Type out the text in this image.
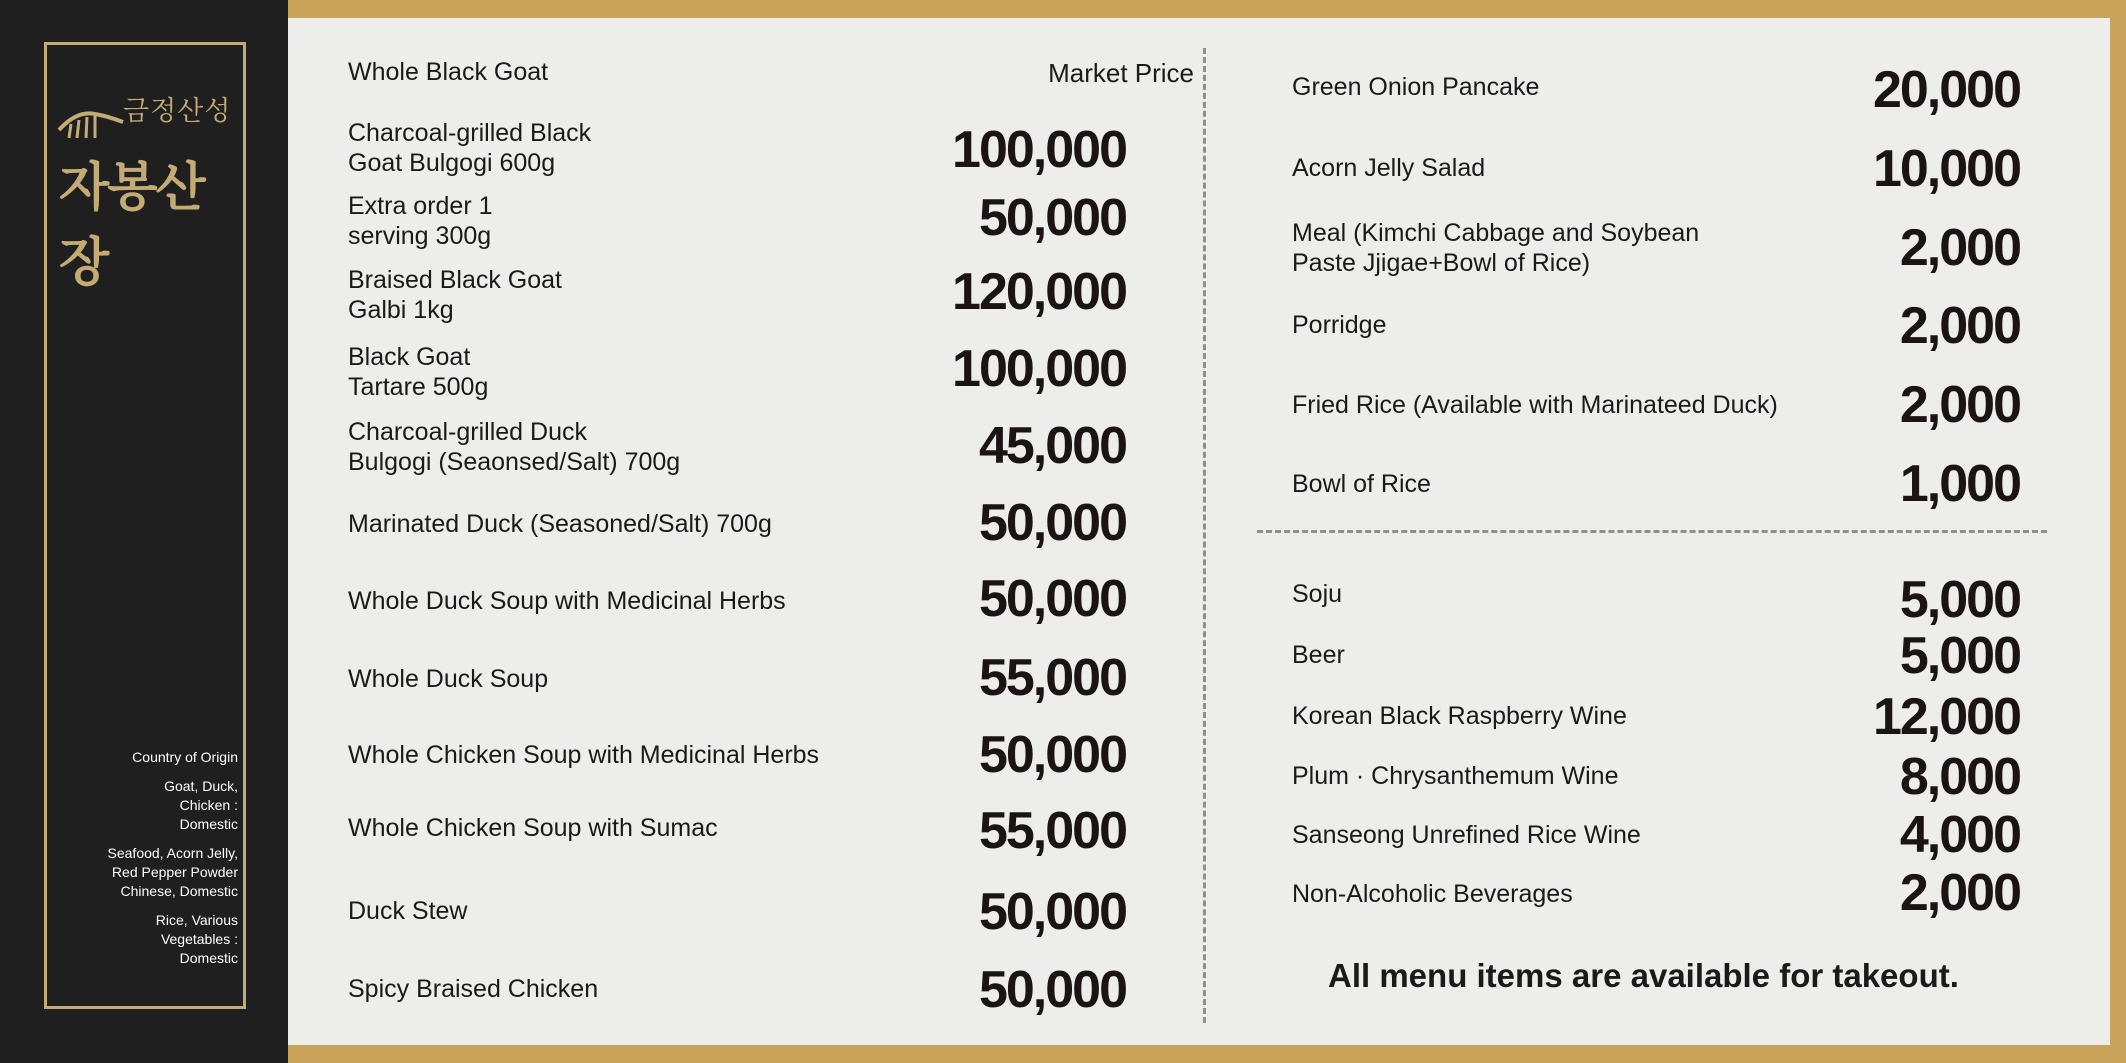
금정산성
자봉산장
Country of Origin
Goat, Duck,
Chicken :
Domestic
Seafood, Acorn Jelly,
Red Pepper Powder
Chinese, Domestic
Rice, Various
Vegetables :
Domestic
Whole Black Goat	Market Price
Charcoal-grilled Black
Goat Bulgogi 600g	100,000
Extra order 1
serving 300g	50,000
Braised Black Goat
Galbi 1kg	120,000
Black Goat
Tartare 500g	100,000
Charcoal-grilled Duck
Bulgogi (Seaonsed/Salt) 700g	45,000
Marinated Duck (Seasoned/Salt) 700g	50,000
Whole Duck Soup with Medicinal Herbs	50,000
Whole Duck Soup	55,000
Whole Chicken Soup with Medicinal Herbs	50,000
Whole Chicken Soup with Sumac	55,000
Duck Stew	50,000
Spicy Braised Chicken	50,000
Green Onion Pancake	20,000
Acorn Jelly Salad	10,000
Meal (Kimchi Cabbage and Soybean
Paste Jjigae+Bowl of Rice)	2,000
Porridge	2,000
Fried Rice (Available with Marinateed Duck) 2,000
Bowl of Rice	1,000
Soju	5,000
Beer	5,000
Korean Black Raspberry Wine	12,000
Plum · Chrysanthemum Wine	8,000
Sanseong Unrefined Rice Wine	4,000
Non-Alcoholic Beverages	2,000
All menu items are available for takeout.
